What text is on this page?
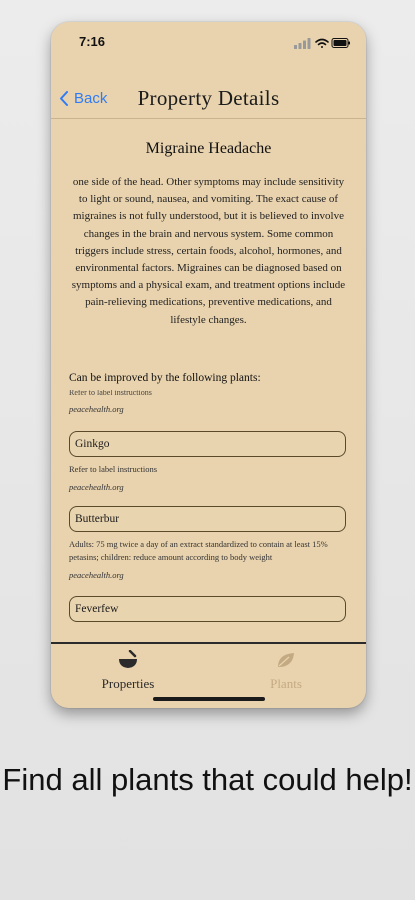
7:16
Back	Property Details
Migraine Headache
one side of the head. Other symptoms may include sensitivity to light or sound, nausea, and vomiting. The exact cause of migraines is not fully understood, but it is believed to involve changes in the brain and nervous system. Some common triggers include stress, certain foods, alcohol, hormones, and environmental factors. Migraines can be diagnosed based on symptoms and a physical exam, and treatment options include pain-relieving medications, preventive medications, and lifestyle changes.
Can be improved by the following plants:
Refer to label instructions
peacehealth.org
Ginkgo
Refer to label instructions
peacehealth.org
Butterbur
Adults: 75 mg twice a day of an extract standardized to contain at least 15% petasins; children: reduce amount according to body weight
peacehealth.org
Feverfew
Properties	Plants
Find all plants that could help!
